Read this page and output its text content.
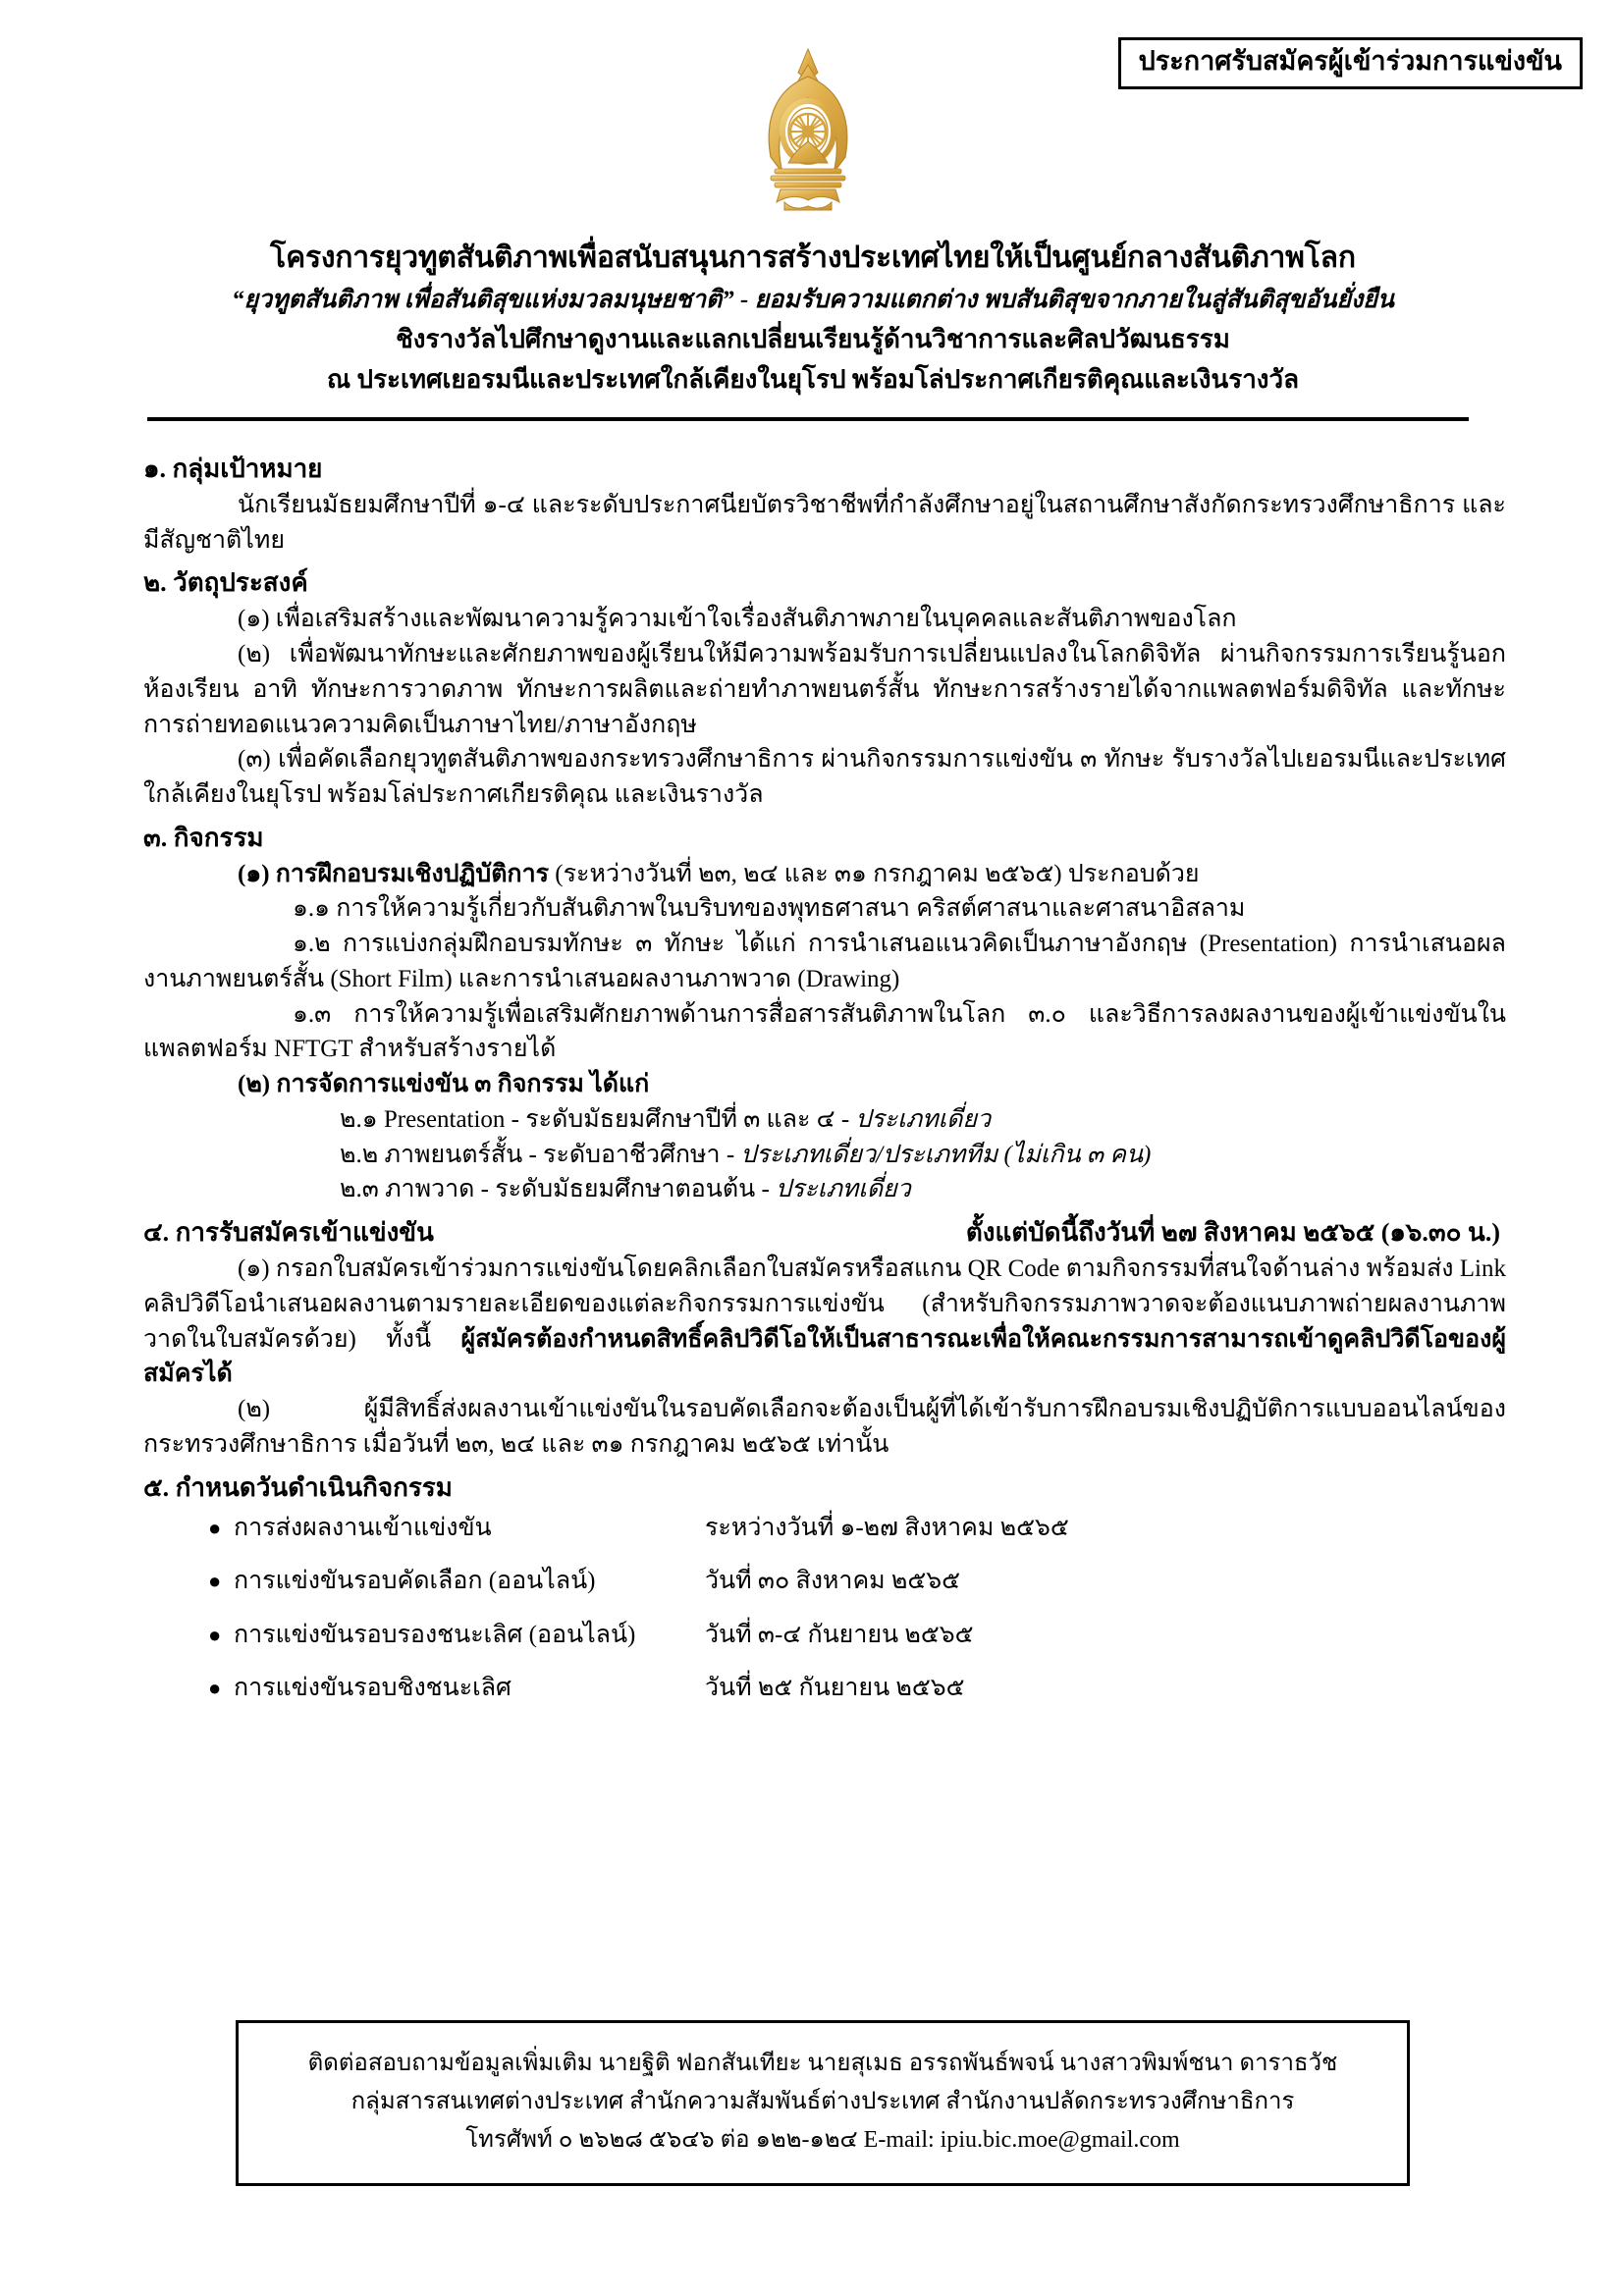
ประกาศรับสมัครผู้เข้าร่วมการแข่งขัน
โครงการยุวทูตสันติภาพเพื่อสนับสนุนการสร้างประเทศไทยให้เป็นศูนย์กลางสันติภาพโลก
“ยุวทูตสันติภาพ เพื่อสันติสุขแห่งมวลมนุษยชาติ” - ยอมรับความแตกต่าง พบสันติสุขจากภายในสู่สันติสุขอันยั่งยืน
ชิงรางวัลไปศึกษาดูงานและแลกเปลี่ยนเรียนรู้ด้านวิชาการและศิลปวัฒนธรรม
ณ ประเทศเยอรมนีและประเทศใกล้เคียงในยุโรป พร้อมโล่ประกาศเกียรติคุณและเงินรางวัล
๑. กลุ่มเป้าหมาย

นักเรียนมัธยมศึกษาปีที่ ๑-๔ และระดับประกาศนียบัตรวิชาชีพที่กำลังศึกษาอยู่ในสถานศึกษาสังกัดกระทรวงศึกษาธิการ และมีสัญชาติไทย

๒. วัตถุประสงค์

(๑) เพื่อเสริมสร้างและพัฒนาความรู้ความเข้าใจเรื่องสันติภาพภายในบุคคลและสันติภาพของโลก

(๒) เพื่อพัฒนาทักษะและศักยภาพของผู้เรียนให้มีความพร้อมรับการเปลี่ยนแปลงในโลกดิจิทัล ผ่านกิจกรรมการเรียนรู้นอกห้องเรียน อาทิ ทักษะการวาดภาพ ทักษะการผลิตและถ่ายทำภาพยนตร์สั้น ทักษะการสร้างรายได้จากแพลตฟอร์มดิจิทัล และทักษะการถ่ายทอดแนวความคิดเป็นภาษาไทย/ภาษาอังกฤษ

(๓) เพื่อคัดเลือกยุวทูตสันติภาพของกระทรวงศึกษาธิการ ผ่านกิจกรรมการแข่งขัน ๓ ทักษะ รับรางวัลไปเยอรมนีและประเทศใกล้เคียงในยุโรป พร้อมโล่ประกาศเกียรติคุณ และเงินรางวัล

๓. กิจกรรม

(๑) การฝึกอบรมเชิงปฏิบัติการ (ระหว่างวันที่ ๒๓, ๒๔ และ ๓๑ กรกฎาคม ๒๕๖๕) ประกอบด้วย

๑.๑ การให้ความรู้เกี่ยวกับสันติภาพในบริบทของพุทธศาสนา คริสต์ศาสนาและศาสนาอิสลาม

๑.๒ การแบ่งกลุ่มฝึกอบรมทักษะ ๓ ทักษะ ได้แก่ การนำเสนอแนวคิดเป็นภาษาอังกฤษ (Presentation) การนำเสนอผลงานภาพยนตร์สั้น (Short Film) และการนำเสนอผลงานภาพวาด (Drawing)

๑.๓ การให้ความรู้เพื่อเสริมศักยภาพด้านการสื่อสารสันติภาพในโลก ๓.๐ และวิธีการลงผลงานของผู้เข้าแข่งขันในแพลตฟอร์ม NFTGT สำหรับสร้างรายได้

(๒) การจัดการแข่งขัน ๓ กิจกรรม ได้แก่

๒.๑ Presentation - ระดับมัธยมศึกษาปีที่ ๓ และ ๔ - ประเภทเดี่ยว

๒.๒ ภาพยนตร์สั้น - ระดับอาชีวศึกษา - ประเภทเดี่ยว/ประเภททีม (ไม่เกิน ๓ คน)

๒.๓ ภาพวาด - ระดับมัธยมศึกษาตอนต้น - ประเภทเดี่ยว

๔. การรับสมัครเข้าแข่งขัน	ตั้งแต่บัดนี้ถึงวันที่ ๒๗ สิงหาคม ๒๕๖๕ (๑๖.๓๐ น.)

(๑) กรอกใบสมัครเข้าร่วมการแข่งขันโดยคลิกเลือกใบสมัครหรือสแกน QR Code ตามกิจกรรมที่สนใจด้านล่าง พร้อมส่ง Link คลิปวิดีโอนำเสนอผลงานตามรายละเอียดของแต่ละกิจกรรมการแข่งขัน (สำหรับกิจกรรมภาพวาดจะต้องแนบภาพถ่ายผลงานภาพวาดในใบสมัครด้วย) ทั้งนี้ ผู้สมัครต้องกำหนดสิทธิ์คลิปวิดีโอให้เป็นสาธารณะเพื่อให้คณะกรรมการสามารถเข้าดูคลิปวิดีโอของผู้สมัครได้

(๒) ผู้มีสิทธิ์ส่งผลงานเข้าแข่งขันในรอบคัดเลือกจะต้องเป็นผู้ที่ได้เข้ารับการฝึกอบรมเชิงปฏิบัติการแบบออนไลน์ของกระทรวงศึกษาธิการ เมื่อวันที่ ๒๓, ๒๔ และ ๓๑ กรกฎาคม ๒๕๖๕ เท่านั้น

๕. กำหนดวันดำเนินกิจกรรม
● การส่งผลงานเข้าแข่งขัน	ระหว่างวันที่ ๑-๒๗ สิงหาคม ๒๕๖๕
● การแข่งขันรอบคัดเลือก (ออนไลน์)	วันที่ ๓๐ สิงหาคม ๒๕๖๕
● การแข่งขันรอบรองชนะเลิศ (ออนไลน์)	วันที่ ๓-๔ กันยายน ๒๕๖๕
● การแข่งขันรอบชิงชนะเลิศ	วันที่ ๒๕ กันยายน ๒๕๖๕
ติดต่อสอบถามข้อมูลเพิ่มเติม นายฐิติ ฟอกสันเทียะ นายสุเมธ อรรถพันธ์พจน์ นางสาวพิมพ์ชนา ดาราธวัช
กลุ่มสารสนเทศต่างประเทศ สำนักความสัมพันธ์ต่างประเทศ สำนักงานปลัดกระทรวงศึกษาธิการ
โทรศัพท์ ๐ ๒๖๒๘ ๕๖๔๖ ต่อ ๑๒๒-๑๒๔ E-mail: ipiu.bic.moe@gmail.com
